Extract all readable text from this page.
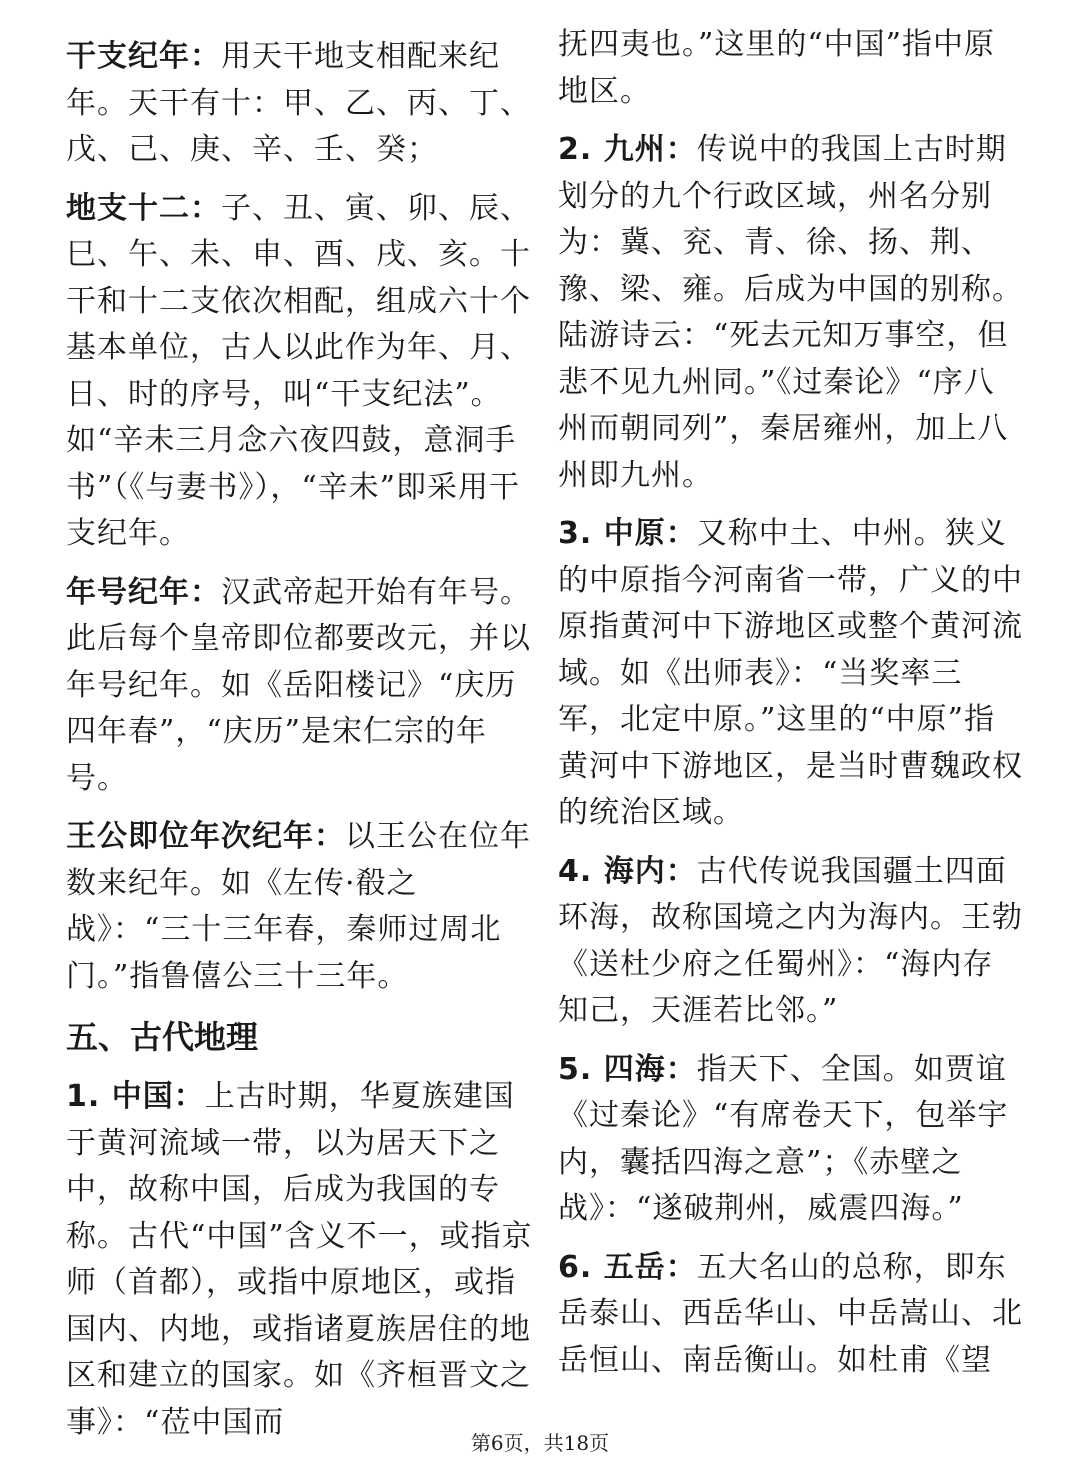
干支纪年：用天干地支相配来纪年。天干有十：甲、乙、丙、丁、戊、己、庚、辛、壬、癸；

地支十二：子、丑、寅、卯、辰、巳、午、未、申、酉、戌、亥。十干和十二支依次相配，组成六十个基本单位，古人以此作为年、月、日、时的序号，叫“干支纪法”。如“辛未三月念六夜四鼓，意洞手书”（《与妻书》），“辛未”即采用干支纪年。

年号纪年：汉武帝起开始有年号。此后每个皇帝即位都要改元，并以年号纪年。如《岳阳楼记》“庆历四年春”，“庆历”是宋仁宗的年号。

王公即位年次纪年：以王公在位年数来纪年。如《左传·殽之战》：“三十三年春，秦师过周北门。”指鲁僖公三十三年。

五、古代地理

1. 中国：上古时期，华夏族建国于黄河流域一带，以为居天下之中，故称中国，后成为我国的专称。古代“中国”含义不一，或指京师（首都），或指中原地区，或指国内、内地，或指诸夏族居住的地区和建立的国家。如《齐桓晋文之事》：“莅中国而

抚四夷也。”这里的“中国”指中原地区。

2. 九州：传说中的我国上古时期划分的九个行政区域，州名分别为：冀、兖、青、徐、扬、荆、豫、梁、雍。后成为中国的别称。陆游诗云：“死去元知万事空，但悲不见九州同。”《过秦论》“序八州而朝同列”，秦居雍州，加上八州即九州。

3. 中原：又称中土、中州。狭义的中原指今河南省一带，广义的中原指黄河中下游地区或整个黄河流域。如《出师表》：“当奖率三军，北定中原。”这里的“中原”指黄河中下游地区，是当时曹魏政权的统治区域。

4. 海内：古代传说我国疆土四面环海，故称国境之内为海内。王勃《送杜少府之任蜀州》：“海内存知己，天涯若比邻。”

5. 四海：指天下、全国。如贾谊《过秦论》“有席卷天下，包举宇内，囊括四海之意”；《赤壁之战》：“遂破荆州，威震四海。”

6. 五岳：五大名山的总称，即东岳泰山、西岳华山、中岳嵩山、北岳恒山、南岳衡山。如杜甫《望

第6页，共18页
